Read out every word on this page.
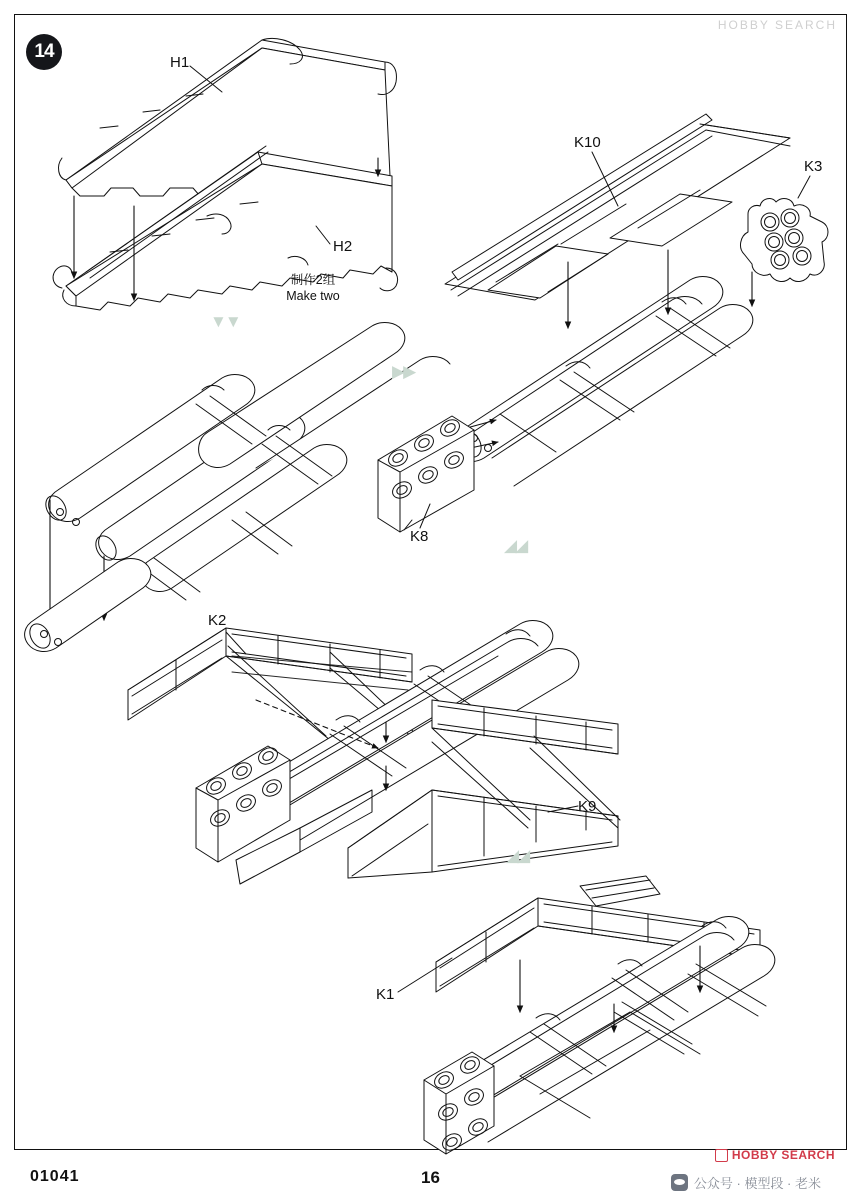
14
HOBBY SEARCH
▼▼
▶▶
◢◢
◢◢
H1
H2
K10
K3
K8
K2
K9
K1
制作2组
Make two
01041	16
HOBBY SEARCH
公众号 · 模型段 · 老米
